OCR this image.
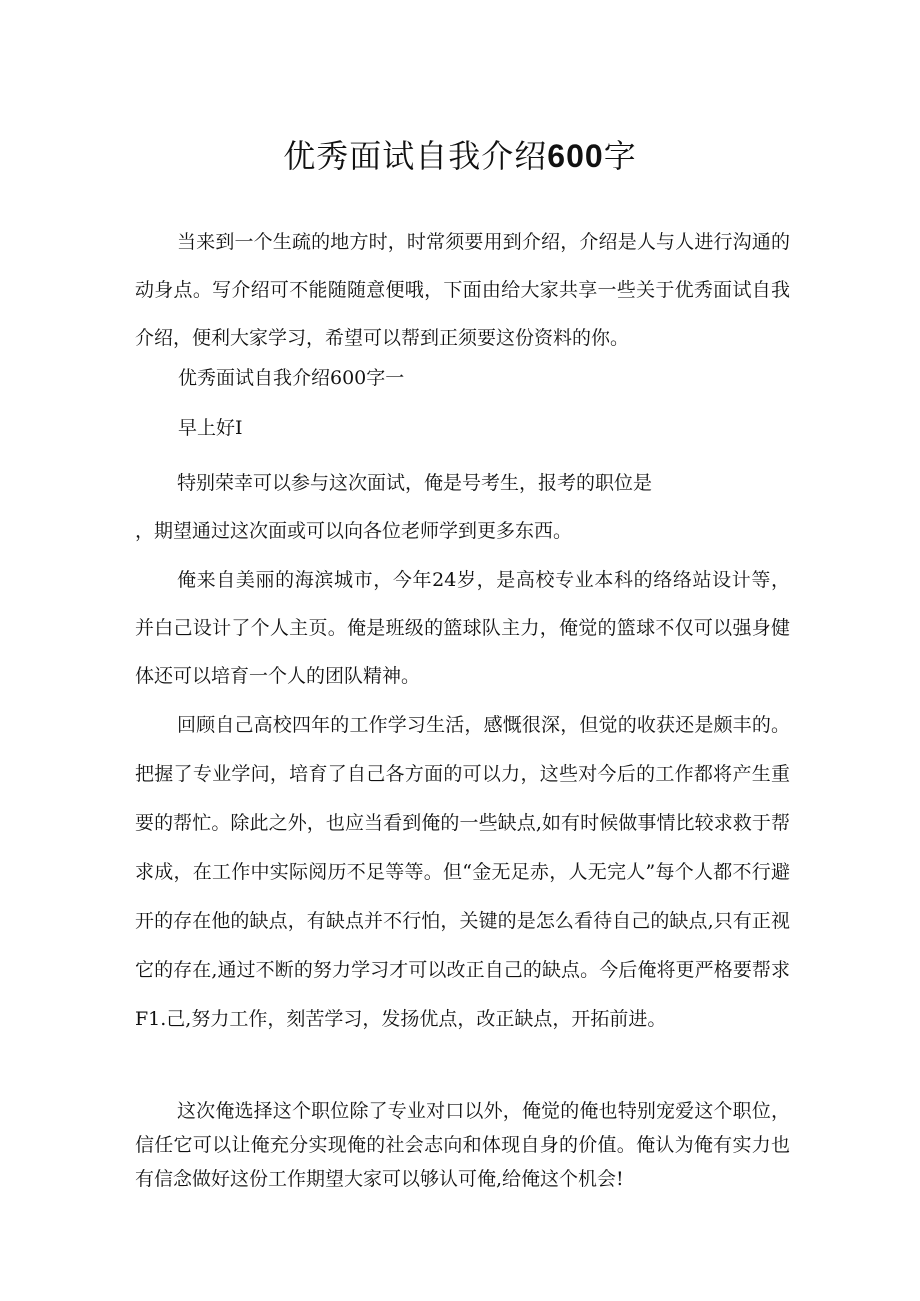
优秀面试自我介绍600字

当来到一个生疏的地方时，时常须要用到介绍，介绍是人与人进行沟通的动身点。写介绍可不能随随意便哦，下面由给大家共享一些关于优秀面试自我介绍，便利大家学习，希望可以帮到正须要这份资料的你。

优秀面试自我介绍600字一

早上好I

特别荣幸可以参与这次面试，俺是号考生，报考的职位是
，期望通过这次面或可以向各位老师学到更多东西。

俺来自美丽的海滨城市，今年24岁，是高校专业本科的络络站设计等，并白己设计了个人主页。俺是班级的篮球队主力，俺觉的篮球不仅可以强身健体还可以培育一个人的团队精神。

回顾自己高校四年的工作学习生活，感慨很深，但觉的收获还是颇丰的。把握了专业学问，培育了自己各方面的可以力，这些对今后的工作都将产生重要的帮忙。除此之外，也应当看到俺的一些缺点,如有时候做事情比较求救于帮求成，在工作中实际阅历不足等等。但“金无足赤，人无完人”每个人都不行避开的存在他的缺点，有缺点并不行怕，关键的是怎么看待自己的缺点,只有正视它的存在,通过不断的努力学习才可以改正自己的缺点。今后俺将更严格要帮求F1.己,努力工作，刻苦学习，发扬优点，改正缺点，开拓前进。

这次俺选择这个职位除了专业对口以外，俺觉的俺也特别宠爱这个职位，信任它可以让俺充分实现俺的社会志向和体现自身的价值。俺认为俺有实力也有信念做好这份工作期望大家可以够认可俺,给俺这个机会!
